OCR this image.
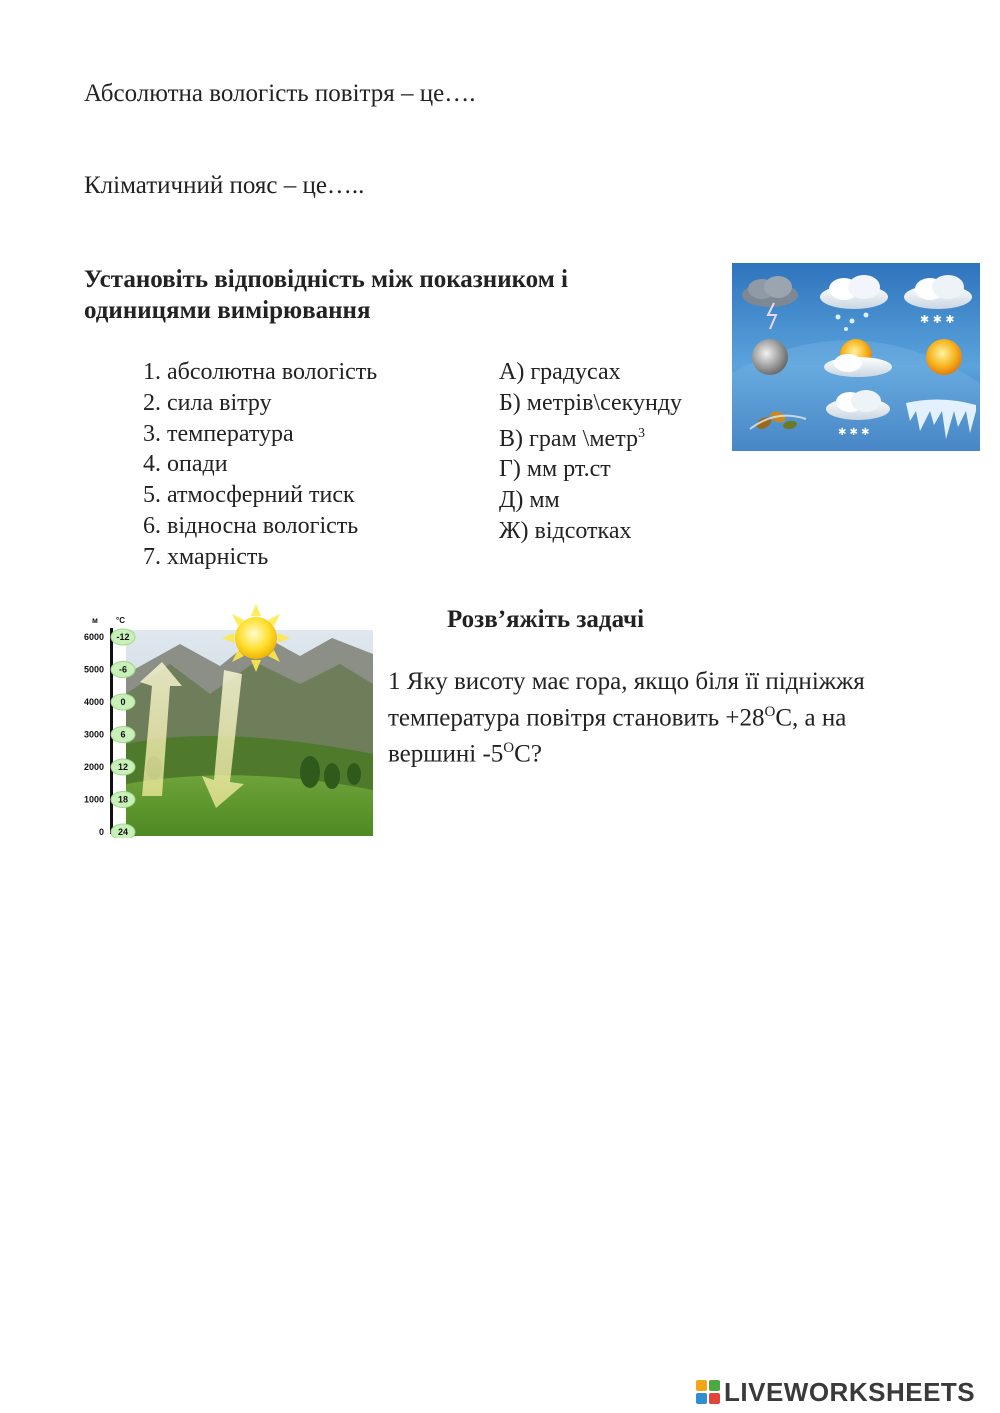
Абсолютна вологість повітря – це….
Кліматичний пояс – це…..
Установіть відповідність між показником і
одиницями вимірювання
1. абсолютна вологість
2. сила вітру
3. температура
4. опади
5. атмосферний тиск
6. відносна вологість
7. хмарність
А) градусах
Б) метрів\секунду
В) грам \метр$^3$
Г) мм рт.ст
Д) мм
Ж) відсотках
✱ ✱ ✱
✱ ✱ ✱
м °C
6000 -12
5000 -6
4000 0
3000 6
2000 12
1000 18
0 24
Розв’яжіть задачі
1 Яку висоту має гора, якщо біля її підніжжя
температура повітря становить $+28^ОС$, а на
вершині $-5^ОС$?
LIVEWORKSHEETS
